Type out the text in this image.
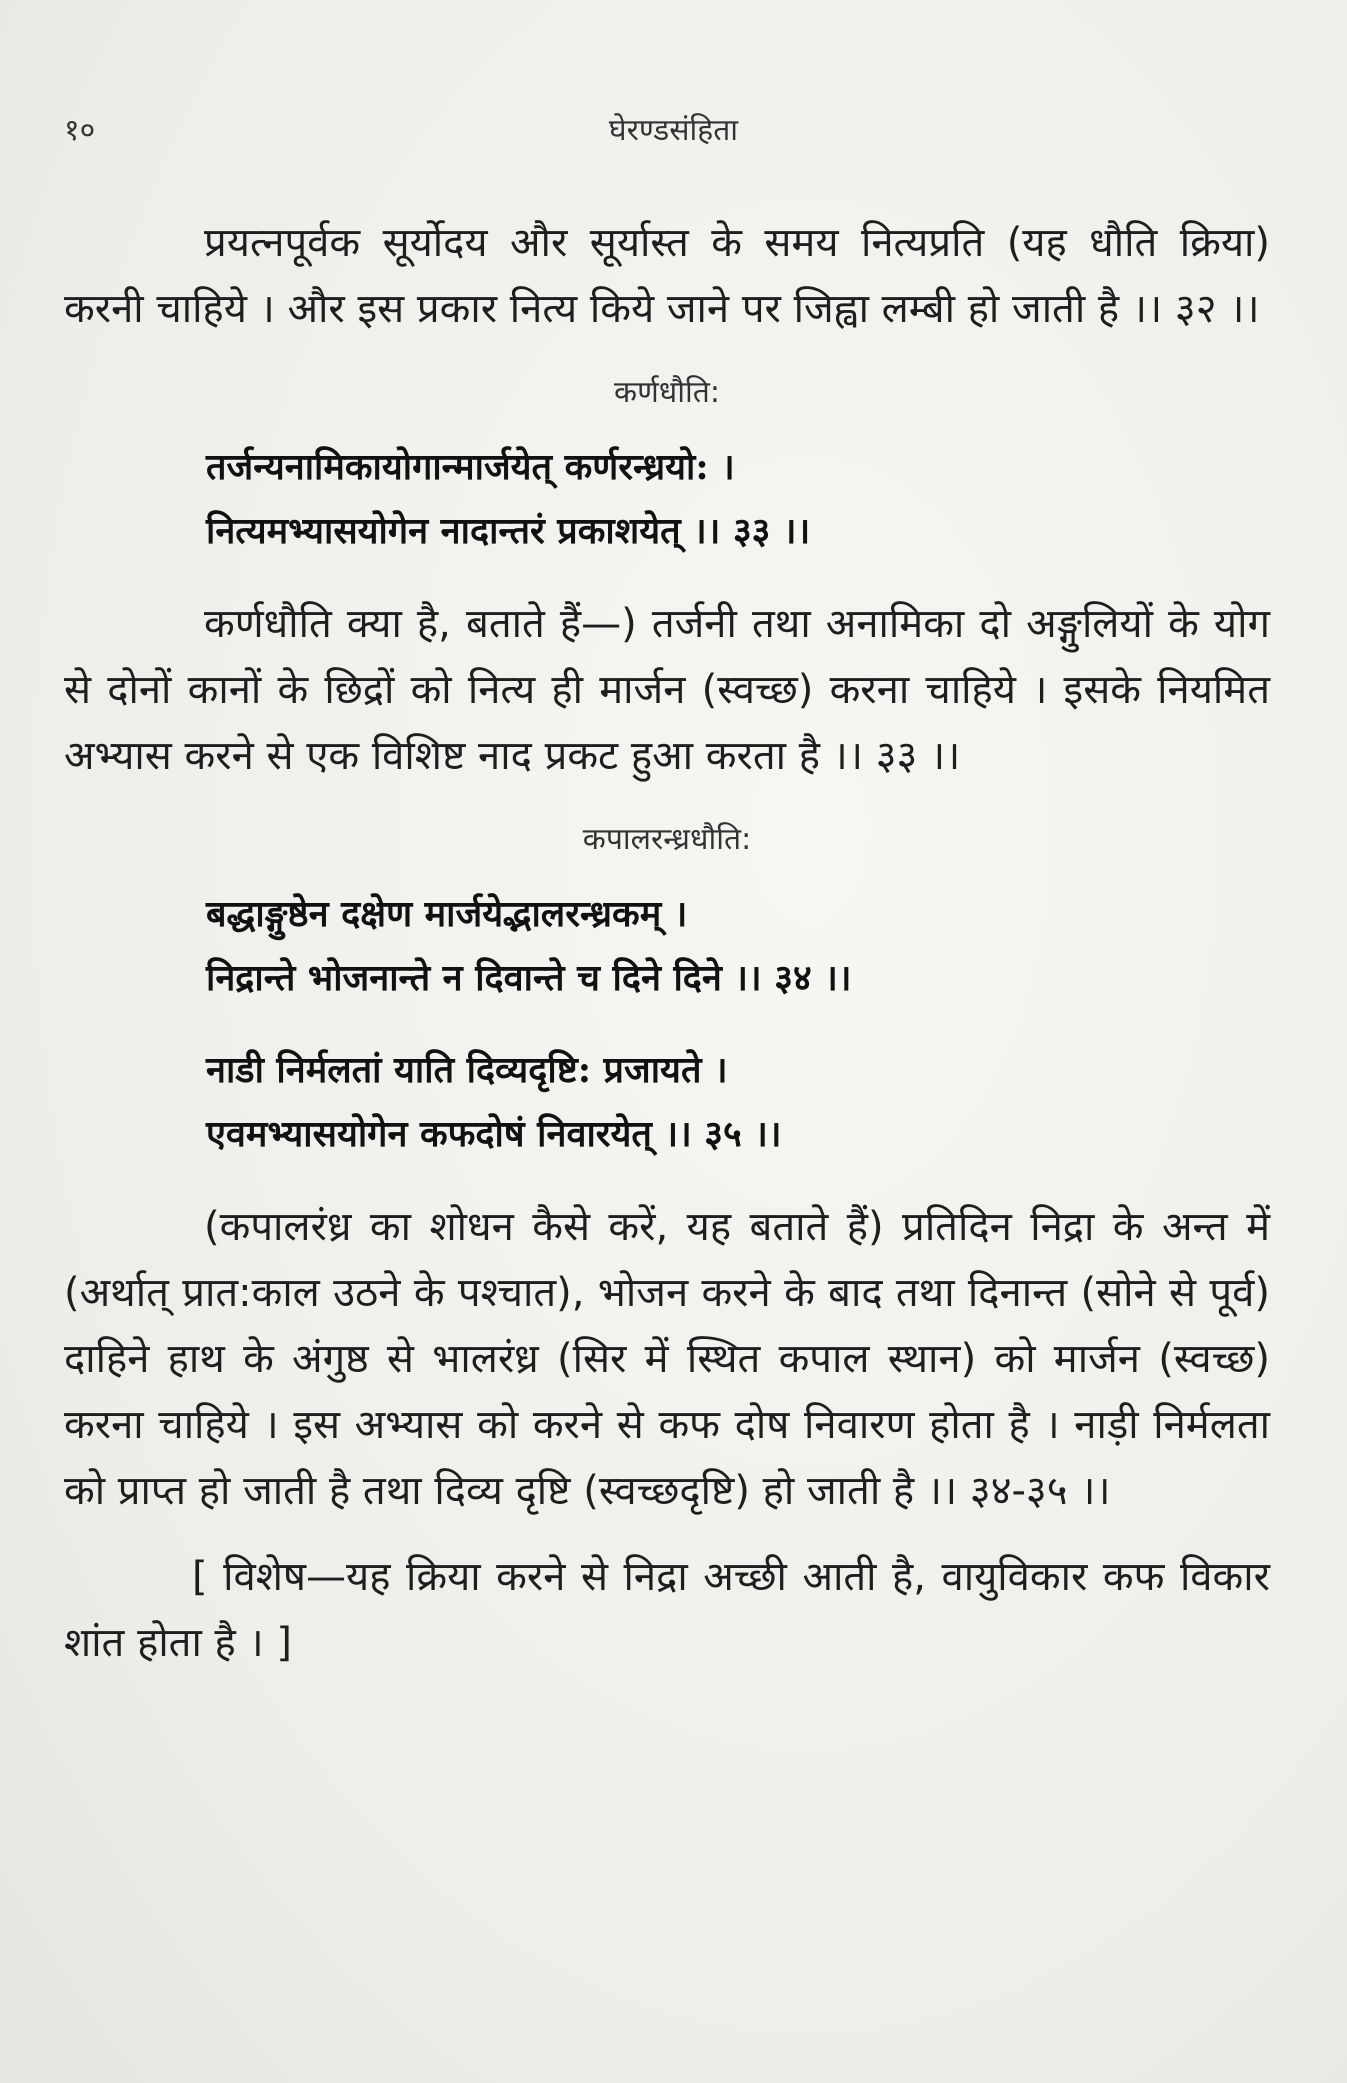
१०	घेरण्डसंहिता

प्रयत्नपूर्वक सूर्योदय और सूर्यास्त के समय नित्यप्रति (यह धौति क्रिया) करनी चाहिये । और इस प्रकार नित्य किये जाने पर जिह्वा लम्बी हो जाती है ।। ३२ ।।

कर्णधौति:
तर्जन्यनामिकायोगान्मार्जयेत् कर्णरन्ध्रयो: ।
नित्यमभ्यासयोगेन नादान्तरं प्रकाशयेत् ।। ३३ ।।

कर्णधौति क्या है, बताते हैं—) तर्जनी तथा अनामिका दो अङ्गुलियों के योग से दोनों कानों के छिद्रों को नित्य ही मार्जन (स्वच्छ) करना चाहिये । इसके नियमित अभ्यास करने से एक विशिष्ट नाद प्रकट हुआ करता है ।। ३३ ।।

कपालरन्ध्रधौति:
बद्धाङ्गुष्ठेन दक्षेण मार्जयेद्भालरन्ध्रकम् ।
निद्रान्ते भोजनान्ते न दिवान्ते च दिने दिने ।। ३४ ।।
नाडी निर्मलतां याति दिव्यदृष्टि: प्रजायते ।
एवमभ्यासयोगेन कफदोषं निवारयेत् ।। ३५ ।।

(कपालरंध्र का शोधन कैसे करें, यह बताते हैं) प्रतिदिन निद्रा के अन्त में (अर्थात् प्रात:काल उठने के पश्चात), भोजन करने के बाद तथा दिनान्त (सोने से पूर्व) दाहिने हाथ के अंगुष्ठ से भालरंध्र (सिर में स्थित कपाल स्थान) को मार्जन (स्वच्छ) करना चाहिये । इस अभ्यास को करने से कफ दोष निवारण होता है । नाड़ी निर्मलता को प्राप्त हो जाती है तथा दिव्य दृष्टि (स्वच्छदृष्टि) हो जाती है ।। ३४-३५ ।।

[ विशेष—यह क्रिया करने से निद्रा अच्छी आती है, वायुविकार कफ विकार शांत होता है । ]
